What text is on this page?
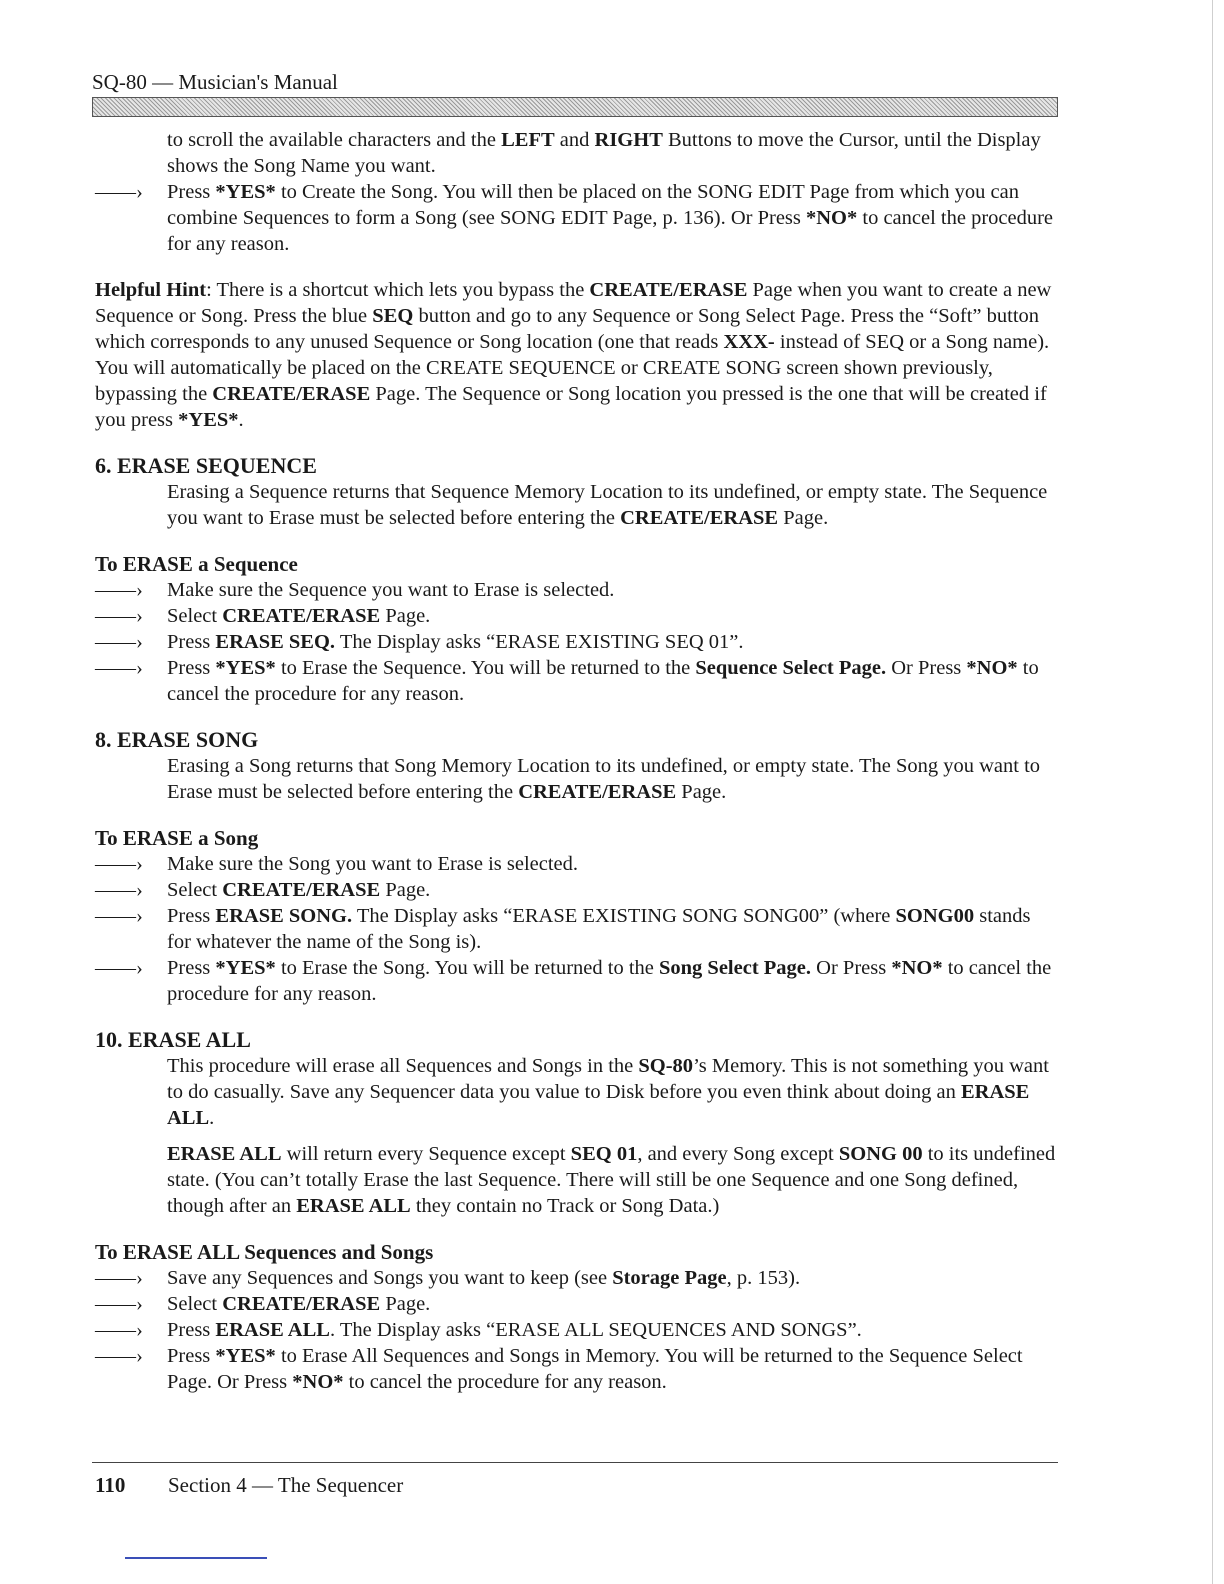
SQ-80 — Musician's Manual

to scroll the available characters and the LEFT and RIGHT Buttons to move the Cursor, until the Display shows the Song Name you want.

——›	Press *YES* to Create the Song. You will then be placed on the SONG EDIT Page from which you can combine Sequences to form a Song (see SONG EDIT Page, p. 136). Or Press *NO* to cancel the procedure for any reason.

Helpful Hint: There is a shortcut which lets you bypass the CREATE/ERASE Page when you want to create a new Sequence or Song. Press the blue SEQ button and go to any Sequence or Song Select Page. Press the “Soft” button which corresponds to any unused Sequence or Song location (one that reads XXX- instead of SEQ or a Song name). You will automatically be placed on the CREATE SEQUENCE or CREATE SONG screen shown previously, bypassing the CREATE/ERASE Page. The Sequence or Song location you pressed is the one that will be created if you press *YES*.

6. ERASE SEQUENCE

Erasing a Sequence returns that Sequence Memory Location to its undefined, or empty state. The Sequence you want to Erase must be selected before entering the CREATE/ERASE Page.

To ERASE a Sequence

——›	Make sure the Sequence you want to Erase is selected.
——›	Select CREATE/ERASE Page.
——›	Press ERASE SEQ. The Display asks “ERASE EXISTING SEQ 01”.
——›	Press *YES* to Erase the Sequence. You will be returned to the Sequence Select Page. Or Press *NO* to cancel the procedure for any reason.

8. ERASE SONG

Erasing a Song returns that Song Memory Location to its undefined, or empty state. The Song you want to Erase must be selected before entering the CREATE/ERASE Page.

To ERASE a Song

——›	Make sure the Song you want to Erase is selected.
——›	Select CREATE/ERASE Page.
——›	Press ERASE SONG. The Display asks “ERASE EXISTING SONG SONG00” (where SONG00 stands for whatever the name of the Song is).
——›	Press *YES* to Erase the Song. You will be returned to the Song Select Page. Or Press *NO* to cancel the procedure for any reason.

10. ERASE ALL

This procedure will erase all Sequences and Songs in the SQ-80’s Memory. This is not something you want to do casually. Save any Sequencer data you value to Disk before you even think about doing an ERASE ALL.

ERASE ALL will return every Sequence except SEQ 01, and every Song except SONG 00 to its undefined state. (You can’t totally Erase the last Sequence. There will still be one Sequence and one Song defined, though after an ERASE ALL they contain no Track or Song Data.)

To ERASE ALL Sequences and Songs

——›	Save any Sequences and Songs you want to keep (see Storage Page, p. 153).
——›	Select CREATE/ERASE Page.
——›	Press ERASE ALL. The Display asks “ERASE ALL SEQUENCES AND SONGS”.
——›	Press *YES* to Erase All Sequences and Songs in Memory. You will be returned to the Sequence Select Page. Or Press *NO* to cancel the procedure for any reason.
110 Section 4 — The Sequencer
